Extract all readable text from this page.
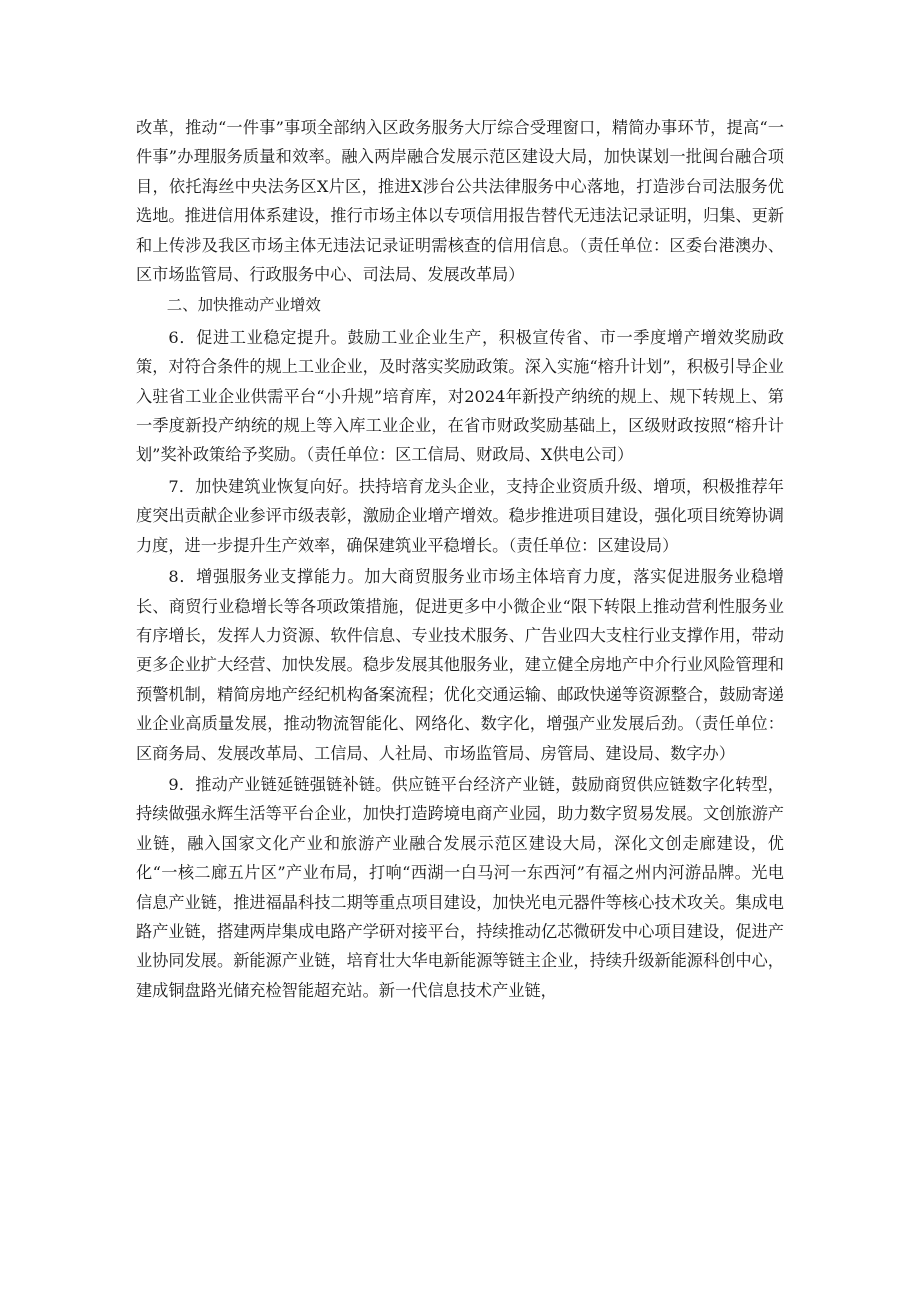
改革，推动“一件事”事项全部纳入区政务服务大厅综合受理窗口，精简办事环节，提高“一件事”办理服务质量和效率。融入两岸融合发展示范区建设大局，加快谋划一批闽台融合项目，依托海丝中央法务区X片区，推进X涉台公共法律服务中心落地，打造涉台司法服务优选地。推进信用体系建设，推行市场主体以专项信用报告替代无违法记录证明，归集、更新和上传涉及我区市场主体无违法记录证明需核查的信用信息。（责任单位：区委台港澳办、区市场监管局、行政服务中心、司法局、发展改革局）

二、加快推动产业增效

6．促进工业稳定提升。鼓励工业企业生产，积极宣传省、市一季度增产增效奖励政策，对符合条件的规上工业企业，及时落实奖励政策。深入实施“榕升计划”，积极引导企业入驻省工业企业供需平台“小升规”培育库，对2024年新投产纳统的规上、规下转规上、第一季度新投产纳统的规上等入库工业企业，在省市财政奖励基础上，区级财政按照“榕升计划”奖补政策给予奖励。（责任单位：区工信局、财政局、X供电公司）

7．加快建筑业恢复向好。扶持培育龙头企业，支持企业资质升级、增项，积极推荐年度突出贡献企业参评市级表彰，激励企业增产增效。稳步推进项目建设，强化项目统筹协调力度，进一步提升生产效率，确保建筑业平稳增长。（责任单位：区建设局）

8．增强服务业支撑能力。加大商贸服务业市场主体培育力度，落实促进服务业稳增长、商贸行业稳增长等各项政策措施，促进更多中小微企业“限下转限上推动营利性服务业有序增长，发挥人力资源、软件信息、专业技术服务、广告业四大支柱行业支撑作用，带动更多企业扩大经营、加快发展。稳步发展其他服务业，建立健全房地产中介行业风险管理和预警机制，精简房地产经纪机构备案流程；优化交通运输、邮政快递等资源整合，鼓励寄递业企业高质量发展，推动物流智能化、网络化、数字化，增强产业发展后劲。（责任单位：区商务局、发展改革局、工信局、人社局、市场监管局、房管局、建设局、数字办）

9．推动产业链延链强链补链。供应链平台经济产业链，鼓励商贸供应链数字化转型，持续做强永辉生活等平台企业，加快打造跨境电商产业园，助力数字贸易发展。文创旅游产业链，融入国家文化产业和旅游产业融合发展示范区建设大局，深化文创走廊建设，优化“一核二廊五片区”产业布局，打响“西湖一白马河一东西河”有福之州内河游品牌。光电信息产业链，推进福晶科技二期等重点项目建设，加快光电元器件等核心技术攻关。集成电路产业链，搭建两岸集成电路产学研对接平台，持续推动亿芯微研发中心项目建设，促进产业协同发展。新能源产业链，培育壮大华电新能源等链主企业，持续升级新能源科创中心，建成铜盘路光储充检智能超充站。新一代信息技术产业链，
